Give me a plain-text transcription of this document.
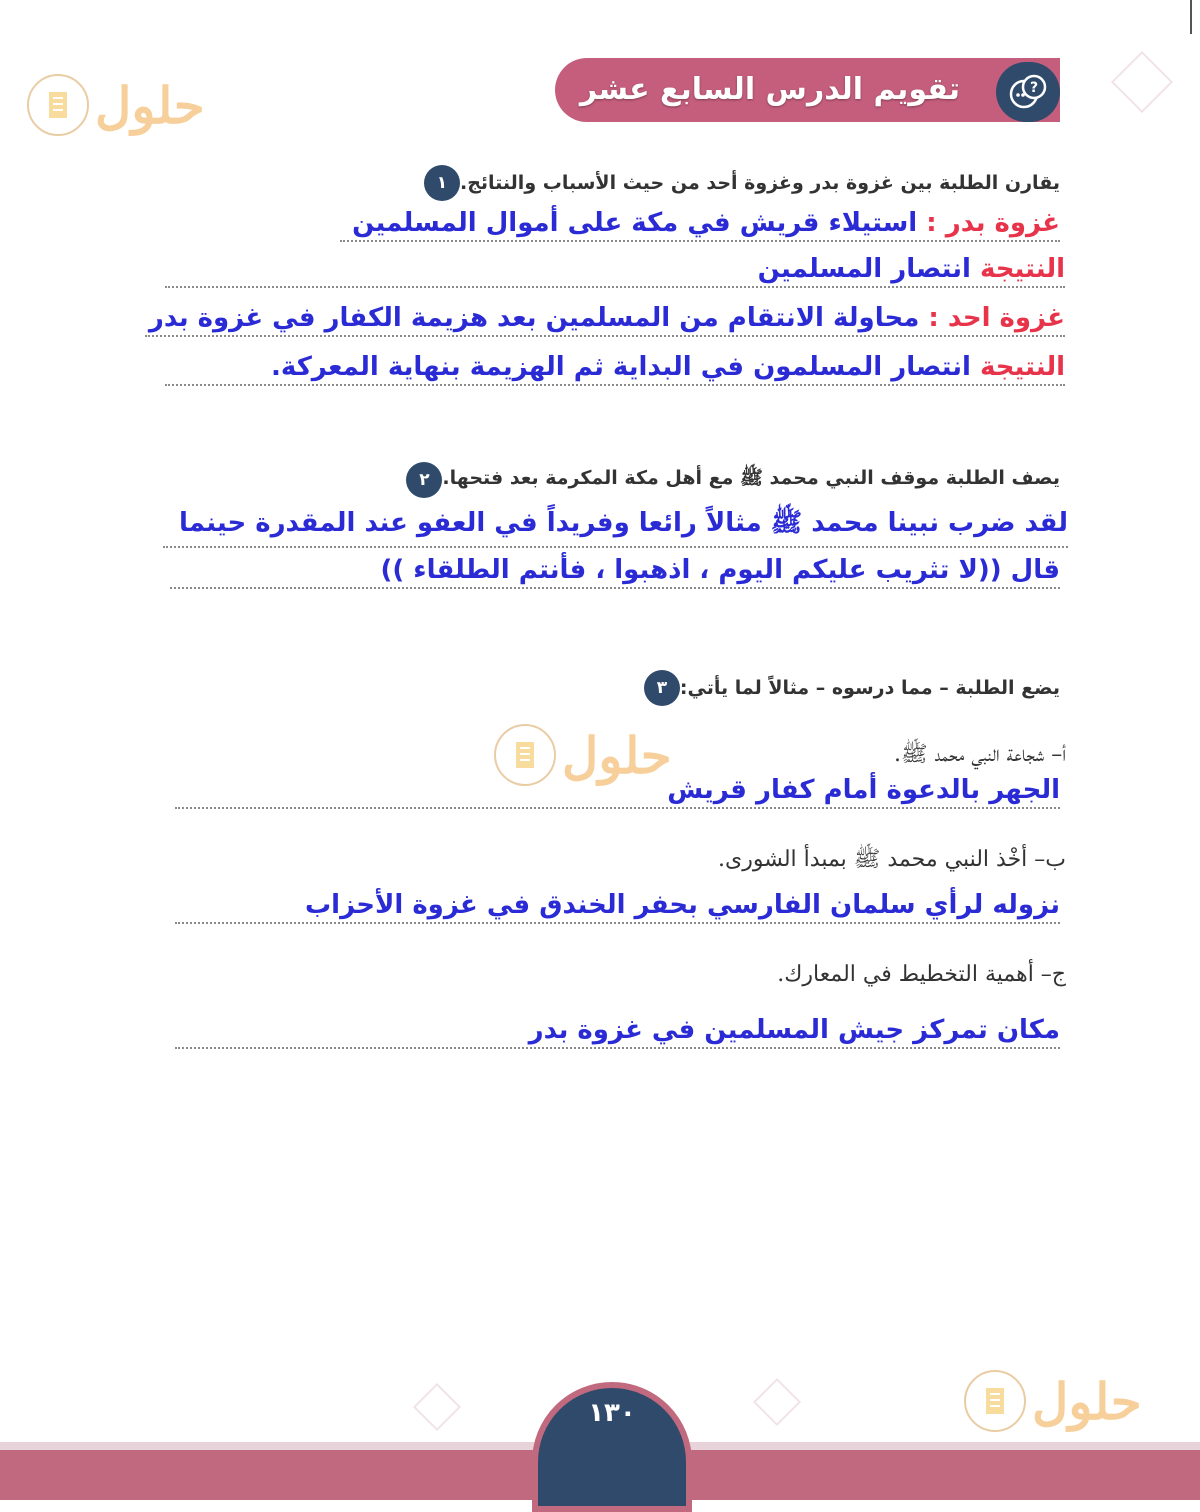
حلول
حلول
حلول
تقويم الدرس السابع عشر	?
١ يقارن الطلبة بين غزوة بدر وغزوة أحد من حيث الأسباب والنتائج.
غزوة بدر : استيلاء قريش في مكة على أموال المسلمين
النتيجة انتصار المسلمين
غزوة احد : محاولة الانتقام من المسلمين بعد هزيمة الكفار في غزوة بدر
النتيجة انتصار المسلمون في البداية ثم الهزيمة بنهاية المعركة.
٢ يصف الطلبة موقف النبي محمد ﷺ مع أهل مكة المكرمة بعد فتحها.
لقد ضرب نبينا محمد ﷺ مثالاً رائعا وفريداً في العفو عند المقدرة حينما
قال ((لا تثريب عليكم اليوم ، اذهبوا ، فأنتم الطلقاء ))
٣ يضع الطلبة – مما درسوه – مثالاً لما يأتي:
أ– شجاعة النبي محمد ﷺ.
الجهر بالدعوة أمام كفار قريش
ب– أخْذ النبي محمد ﷺ بمبدأ الشورى.
نزوله لرأي سلمان الفارسي بحفر الخندق في غزوة الأحزاب
ج– أهمية التخطيط في المعارك.
مكان تمركز جيش المسلمين في غزوة بدر
١٣٠
